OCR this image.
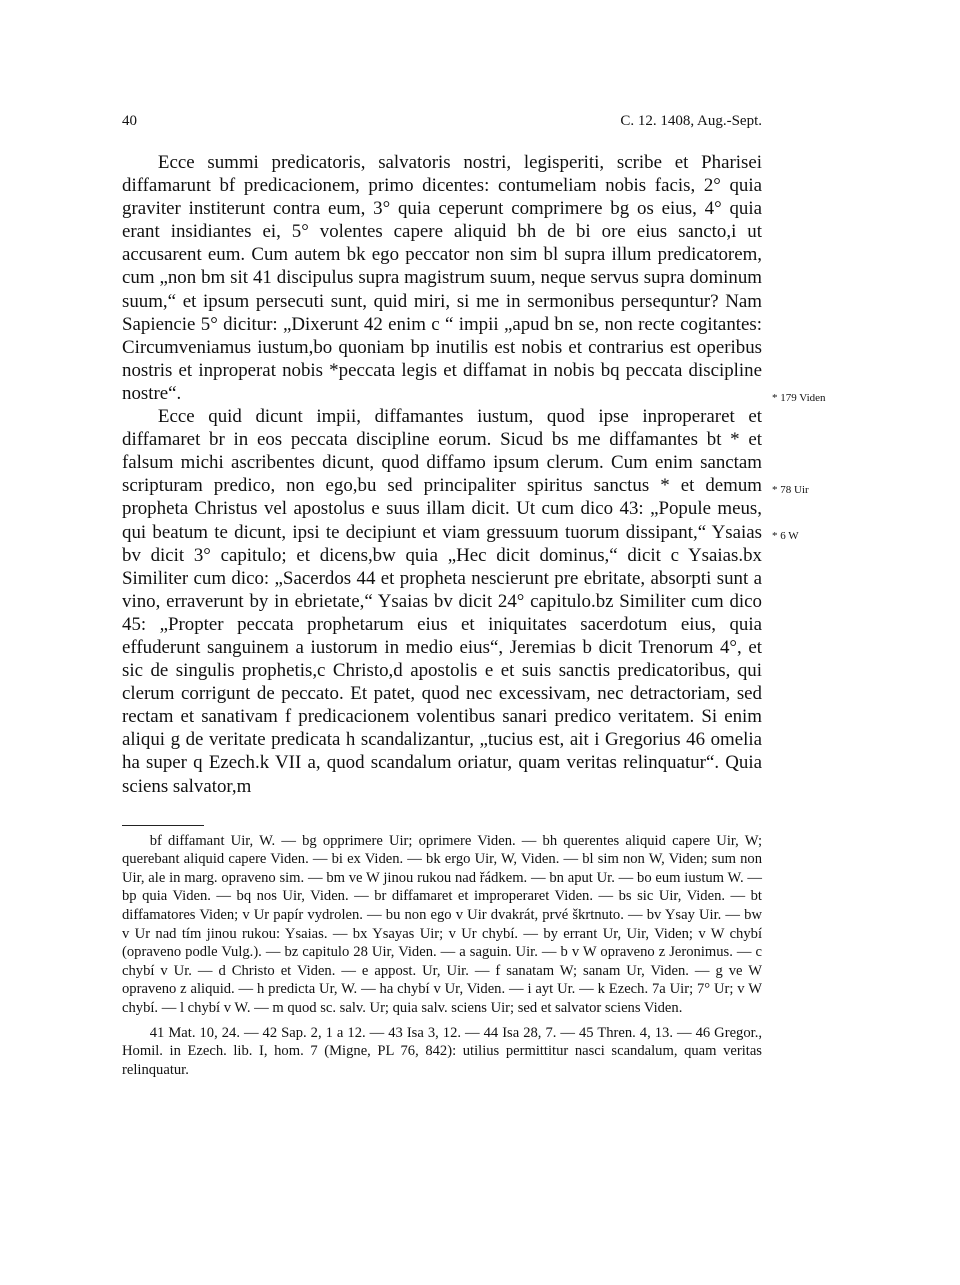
40	C. 12. 1408, Aug.-Sept.

Ecce summi predicatoris, salvatoris nostri, legisperiti, scribe et Pharisei diffamarunt bf predicacionem, primo dicentes: contumeliam nobis facis, 2° quia graviter institerunt contra eum, 3° quia ceperunt comprimere bg os eius, 4° quia erant insidiantes ei, 5° volentes capere aliquid bh de bi ore eius sancto,i ut accusarent eum. Cum autem bk ego peccator non sim bl supra illum predicatorem, cum „non bm sit 41 discipulus supra magistrum suum, neque servus supra dominum suum,“ et ipsum persecuti sunt, quid miri, si me in sermonibus persequntur? Nam Sapiencie 5° dicitur: „Dixerunt 42 enim c “ impii „apud bn se, non recte cogitantes: Circumveniamus iustum,bo quoniam bp inutilis est nobis et contrarius est operibus nostris et inproperat nobis *peccata legis et diffamat in nobis bq peccata discipline nostre“.

Ecce quid dicunt impii, diffamantes iustum, quod ipse inproperaret et diffamaret br in eos peccata discipline eorum. Sicud bs me diffamantes bt * et falsum michi ascribentes dicunt, quod diffamo ipsum clerum. Cum enim sanctam scripturam predico, non ego,bu sed principaliter spiritus sanctus * et demum propheta Christus vel apostolus e suus illam dicit. Ut cum dico 43: „Popule meus, qui beatum te dicunt, ipsi te decipiunt et viam gressuum tuorum dissipant,“ Ysaias bv dicit 3° capitulo; et dicens,bw quia „Hec dicit dominus,“ dicit c Ysaias.bx Similiter cum dico: „Sacerdos 44 et propheta nescierunt pre ebritate, absorpti sunt a vino, erraverunt by in ebrietate,“ Ysaias bv dicit 24° capitulo.bz Similiter cum dico 45: „Propter peccata prophetarum eius et iniquitates sacerdotum eius, quia effuderunt sanguinem a iustorum in medio eius“, Jeremias b dicit Trenorum 4°, et sic de singulis prophetis,c Christo,d apostolis e et suis sanctis predicatoribus, qui clerum corrigunt de peccato. Et patet, quod nec excessivam, nec detractoriam, sed rectam et sanativam f predicacionem volentibus sanari predico veritatem. Si enim aliqui g de veritate predicata h scandalizantur, „tucius est, ait i Gregorius 46 omelia ha super q Ezech.k VII a, quod scandalum oriatur, quam veritas relinquatur“. Quia sciens salvator,m

bf diffamant Uir, W. — bg opprimere Uir; oprimere Viden. — bh querentes aliquid capere Uir, W; querebant aliquid capere Viden. — bi ex Viden. — bk ergo Uir, W, Viden. — bl sim non W, Viden; sum non Uir, ale in marg. opraveno sim. — bm ve W jinou rukou nad řádkem. — bn aput Ur. — bo eum iustum W. — bp quia Viden. — bq nos Uir, Viden. — br diffamaret et improperaret Viden. — bs sic Uir, Viden. — bt diffamatores Viden; v Ur papír vydrolen. — bu non ego v Uir dvakrát, prvé škrtnuto. — bv Ysay Uir. — bw v Ur nad tím jinou rukou: Ysaias. — bx Ysayas Uir; v Ur chybí. — by errant Ur, Uir, Viden; v W chybí (opraveno podle Vulg.). — bz capitulo 28 Uir, Viden. — a saguin. Uir. — b v W opraveno z Jeronimus. — c chybí v Ur. — d Christo et Viden. — e appost. Ur, Uir. — f sanatam W; sanam Ur, Viden. — g ve W opraveno z aliquid. — h predicta Ur, W. — ha chybí v Ur, Viden. — i ayt Ur. — k Ezech. 7a Uir; 7° Ur; v W chybí. — l chybí v W. — m quod sc. salv. Ur; quia salv. sciens Uir; sed et salvator sciens Viden.

41 Mat. 10, 24. — 42 Sap. 2, 1 a 12. — 43 Isa 3, 12. — 44 Isa 28, 7. — 45 Thren. 4, 13. — 46 Gregor., Homil. in Ezech. lib. I, hom. 7 (Migne, PL 76, 842): utilius permittitur nasci scandalum, quam veritas relinquatur.

* 179 Viden
* 78 Uir
* 6 W
